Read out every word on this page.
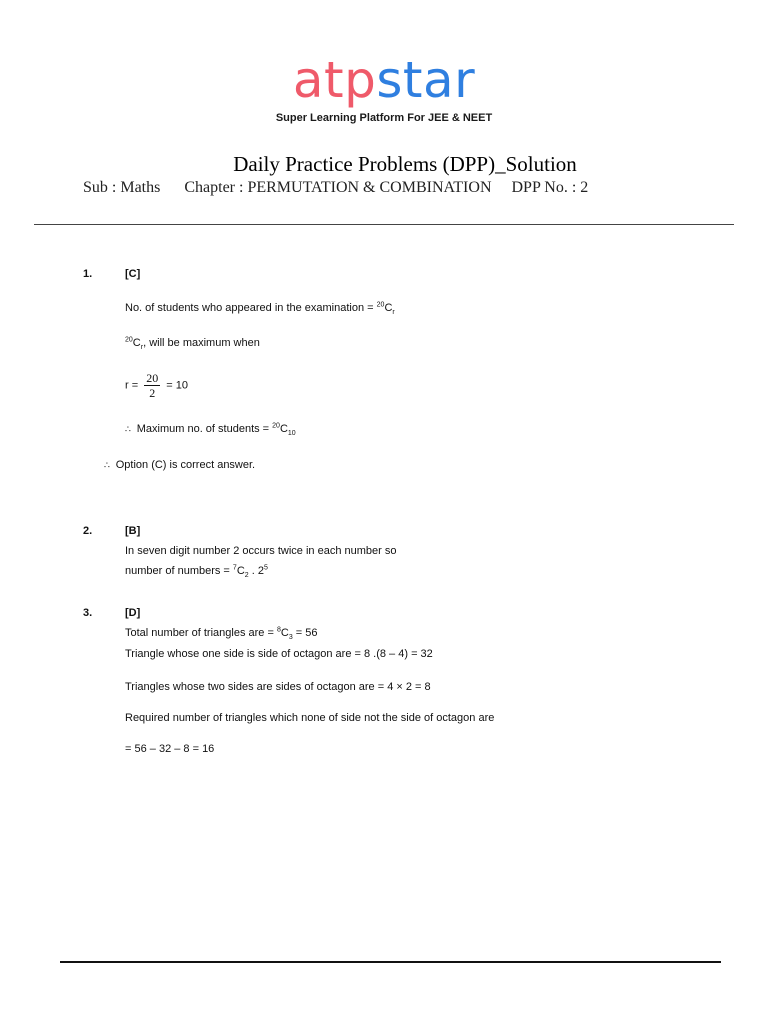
atpstar
Super Learning Platform For JEE & NEET
Daily Practice Problems (DPP)_Solution
Sub : Maths Chapter : PERMUTATION & COMBINATION DPP No. : 2
1.	[C]
No. of students who appeared in the examination = $^{20}C_r$
$^{20}C_r$, will be maximum when
$r = \frac{20}{2} = 10$
∴ Maximum no. of students = $^{20}C_{10}$
∴ Option (C) is correct answer.
2.	[B]
In seven digit number 2 occurs twice in each number so
number of numbers = $^7C_2$ . $2^5$
3.	[D]
Total number of triangles are = $^8C_3 = 56$
Triangle whose one side is side of octagon are = 8 .(8 – 4) = 32
Triangles whose two sides are sides of octagon are = 4 × 2 = 8
Required number of triangles which none of side not the side of octagon are
= 56 – 32 – 8 = 16
